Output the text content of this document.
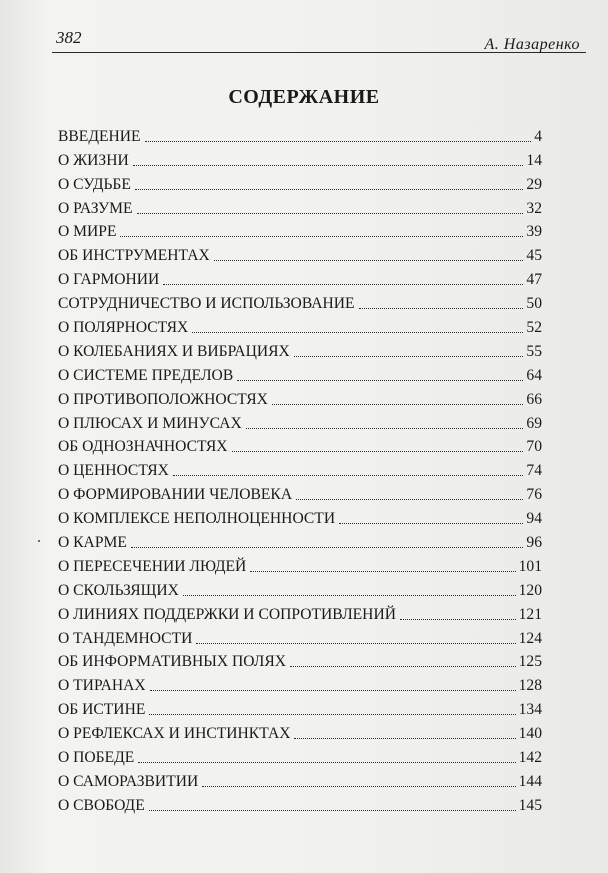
382	А. Назаренко
СОДЕРЖАНИЕ
ВВЕДЕНИЕ	4
О ЖИЗНИ	14
О СУДЬБЕ	29
О РАЗУМЕ	32
О МИРЕ	39
ОБ ИНСТРУМЕНТАХ	45
О ГАРМОНИИ	47
СОТРУДНИЧЕСТВО И ИСПОЛЬЗОВАНИЕ	50
О ПОЛЯРНОСТЯХ	52
О КОЛЕБАНИЯХ И ВИБРАЦИЯХ	55
О СИСТЕМЕ ПРЕДЕЛОВ	64
О ПРОТИВОПОЛОЖНОСТЯХ	66
О ПЛЮСАХ И МИНУСАХ	69
ОБ ОДНОЗНАЧНОСТЯХ	70
О ЦЕННОСТЯХ	74
О ФОРМИРОВАНИИ ЧЕЛОВЕКА	76
О КОМПЛЕКСЕ НЕПОЛНОЦЕННОСТИ	94
О КАРМЕ	96
О ПЕРЕСЕЧЕНИИ ЛЮДЕЙ	101
О СКОЛЬЗЯЩИХ	120
О ЛИНИЯХ ПОДДЕРЖКИ И СОПРОТИВЛЕНИЙ	121
О ТАНДЕМНОСТИ	124
ОБ ИНФОРМАТИВНЫХ ПОЛЯХ	125
О ТИРАНАХ	128
ОБ ИСТИНЕ	134
О РЕФЛЕКСАХ И ИНСТИНКТАХ	140
О ПОБЕДЕ	142
О САМОРАЗВИТИИ	144
О СВОБОДЕ	145
